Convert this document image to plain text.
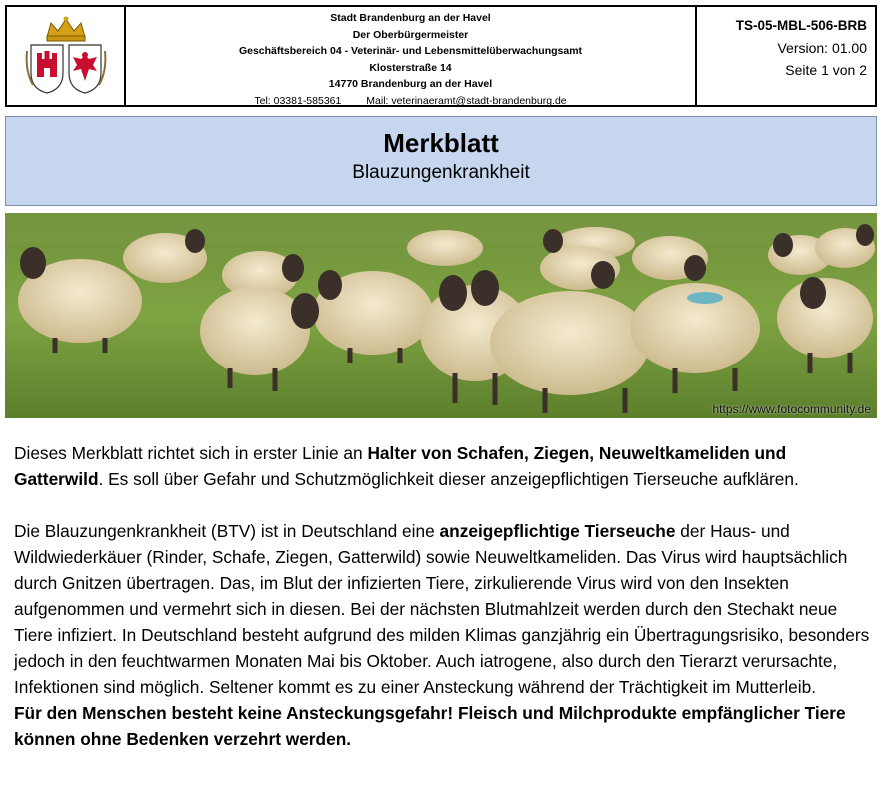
Stadt Brandenburg an der Havel
Der Oberbürgermeister
Geschäftsbereich 04 - Veterinär- und Lebensmittelüberwachungsamt
Klosterstraße 14
14770 Brandenburg an der Havel
Tel: 03381-585361 Mail: veterinaeramt@stadt-brandenburg.de
TS-05-MBL-506-BRB
Version: 01.00
Seite 1 von 2
Merkblatt
Blauzungenkrankheit
https://www.fotocommunity.de

Dieses Merkblatt richtet sich in erster Linie an Halter von Schafen, Ziegen, Neuweltkameliden und Gatterwild. Es soll über Gefahr und Schutzmöglichkeit dieser anzeigepflichtigen Tierseuche aufklären.

Die Blauzungenkrankheit (BTV) ist in Deutschland eine anzeigepflichtige Tierseuche der Haus- und Wildwiederkäuer (Rinder, Schafe, Ziegen, Gatterwild) sowie Neuweltkameliden. Das Virus wird hauptsächlich durch Gnitzen übertragen. Das, im Blut der infizierten Tiere, zirkulierende Virus wird von den Insekten aufgenommen und vermehrt sich in diesen. Bei der nächsten Blutmahlzeit werden durch den Stechakt neue Tiere infiziert. In Deutschland besteht aufgrund des milden Klimas ganzjährig ein Übertragungsrisiko, besonders jedoch in den feuchtwarmen Monaten Mai bis Oktober. Auch iatrogene, also durch den Tierarzt verursachte, Infektionen sind möglich. Seltener kommt es zu einer Ansteckung während der Trächtigkeit im Mutterleib.

Für den Menschen besteht keine Ansteckungsgefahr! Fleisch und Milchprodukte empfänglicher Tiere können ohne Bedenken verzehrt werden.
